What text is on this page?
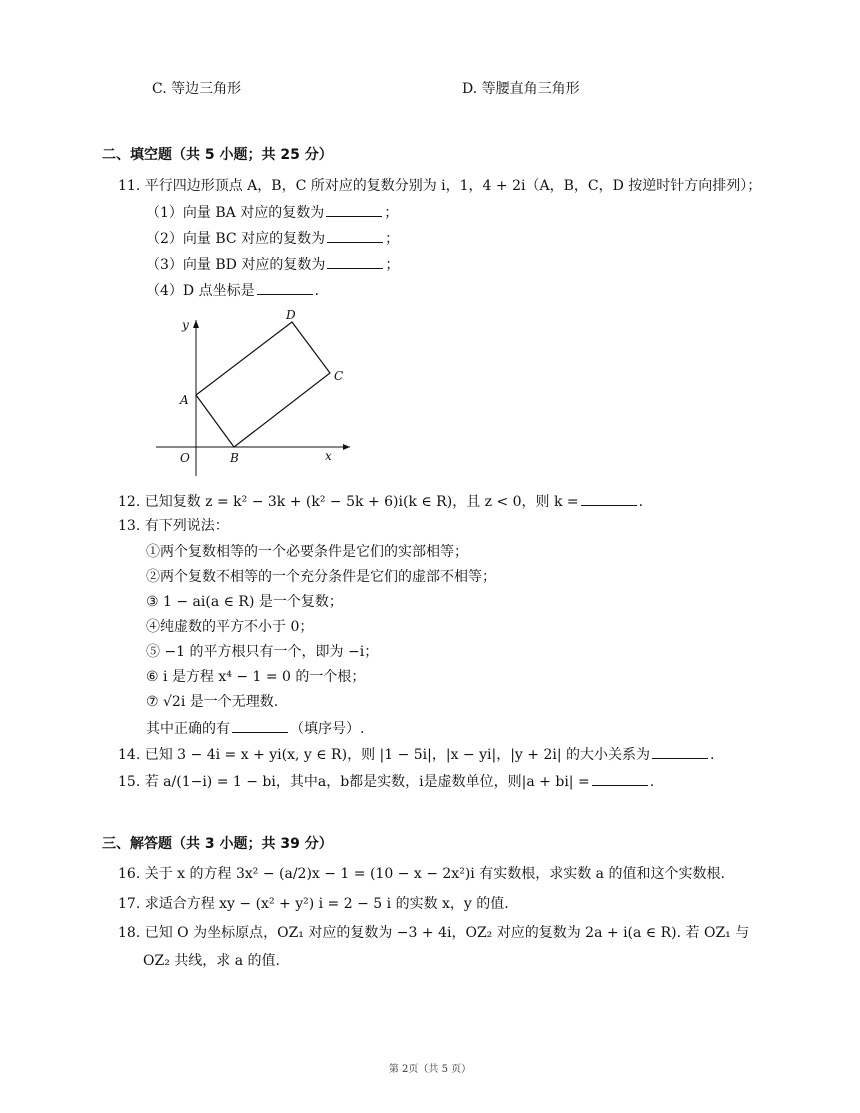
C. 等边三角形	D. 等腰直角三角形
二、填空题（共 5 小题；共 25 分）
11. 平行四边形顶点 A，B，C 所对应的复数分别为 i，1，4 + 2i（A，B，C，D 按逆时针方向排列）；
（1）向量 BA 对应的复数为	；
（2）向量 BC 对应的复数为	；
（3）向量 BD 对应的复数为	；
（4）D 点坐标是	.
y
x
O
A
B
C
D
12. 已知复数 z = k² − 3k + (k² − 5k + 6)i(k ∈ R)，且 z < 0，则 k =	.
13. 有下列说法：
①两个复数相等的一个必要条件是它们的实部相等；
②两个复数不相等的一个充分条件是它们的虚部不相等；
③ 1 − ai(a ∈ R) 是一个复数；
④纯虚数的平方不小于 0；
⑤ −1 的平方根只有一个，即为 −i；
⑥ i 是方程 x⁴ − 1 = 0 的一个根；
⑦ √2i 是一个无理数.
其中正确的有	（填序号）.
14. 已知 3 − 4i = x + yi(x, y ∈ R)，则 |1 − 5i|，|x − yi|，|y + 2i| 的大小关系为	.
15. 若 a/(1−i) = 1 − bi，其中a，b都是实数，i是虚数单位，则|a + bi| =	.
三、解答题（共 3 小题；共 39 分）
16. 关于 x 的方程 3x² − (a/2)x − 1 = (10 − x − 2x²)i 有实数根，求实数 a 的值和这个实数根.
17. 求适合方程 xy − (x² + y²) i = 2 − 5 i 的实数 x，y 的值.
18. 已知 O 为坐标原点，OZ₁ 对应的复数为 −3 + 4i，OZ₂ 对应的复数为 2a + i(a ∈ R). 若 OZ₁ 与
OZ₂ 共线，求 a 的值.
第 2页（共 5 页）
